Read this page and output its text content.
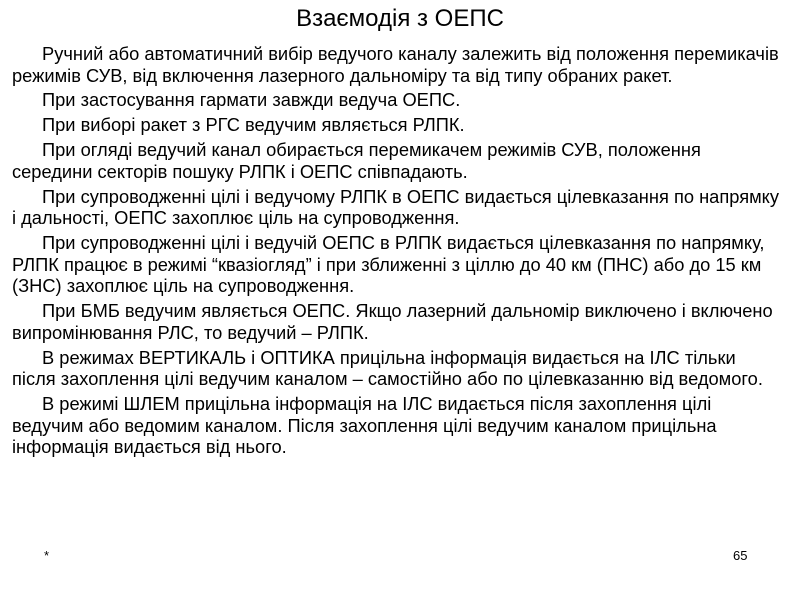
Взаємодія з ОЕПС

Ручний або автоматичний вибір ведучого каналу залежить від положення перемикачів режимів СУВ, від включення лазерного дальноміру та від типу обраних ракет.

При застосування гармати завжди ведуча ОЕПС.

При виборі ракет з РГС ведучим являється РЛПК.

При огляді ведучий канал обирається перемикачем режимів СУВ, положення середини секторів пошуку РЛПК і ОЕПС співпадають.

При супроводженні цілі і ведучому РЛПК в ОЕПС видається цілевказання по напрямку і дальності, ОЕПС захоплює ціль на супроводження.

При супроводженні цілі і ведучій ОЕПС в РЛПК видається цілевказання по напрямку, РЛПК працює в режимі “квазіогляд” і при зближенні з ціллю до 40 км (ПНС) або до 15 км (ЗНС) захоплює ціль на супроводження.

При БМБ ведучим являється ОЕПС. Якщо лазерний дальномір виключено і включено випромінювання РЛС, то ведучий – РЛПК.

В режимах ВЕРТИКАЛЬ і ОПТИКА прицільна інформація видається на ІЛС тільки після захоплення цілі ведучим каналом – самостійно або по цілевказанню від ведомого.

В режимі ШЛЕМ прицільна інформація на ІЛС видається після захоплення цілі ведучим або ведомим каналом. Після захоплення цілі ведучим каналом прицільна інформація видається від нього.

*	65
